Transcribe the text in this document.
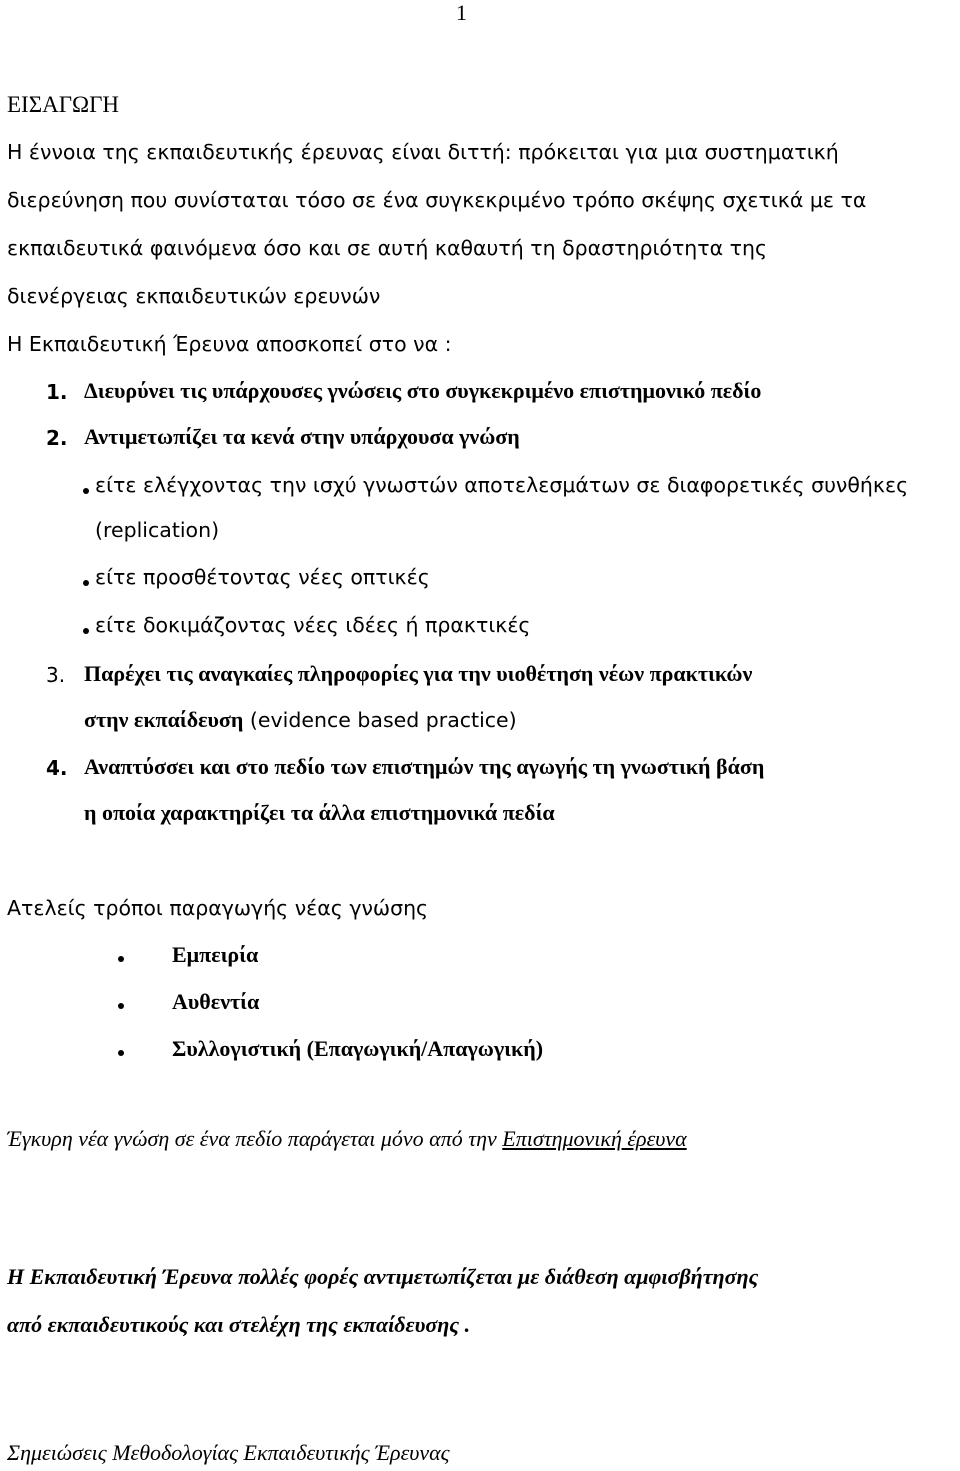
1
ΕΙΣΑΓΩΓΗ
Η έννοια της εκπαιδευτικής έρευνας είναι διττή: πρόκειται για μια συστηματική
διερεύνηση που συνίσταται τόσο σε ένα συγκεκριμένο τρόπο σκέψης σχετικά με τα
εκπαιδευτικά φαινόμενα όσο και σε αυτή καθαυτή τη δραστηριότητα της
διενέργειας εκπαιδευτικών ερευνών
Η Εκπαιδευτική Έρευνα αποσκοπεί στο να :
1. Διευρύνει τις υπάρχουσες γνώσεις στο συγκεκριμένο επιστημονικό πεδίο
2. Αντιμετωπίζει τα κενά στην υπάρχουσα γνώση
είτε ελέγχοντας την ισχύ γνωστών αποτελεσμάτων σε διαφορετικές συνθήκες
(replication)
είτε προσθέτοντας νέες οπτικές
είτε δοκιμάζοντας νέες ιδέες ή πρακτικές
3. Παρέχει τις αναγκαίες πληροφορίες για την υιοθέτηση νέων πρακτικών
στην εκπαίδευση (evidence based practice)
4. Αναπτύσσει και στο πεδίο των επιστημών της αγωγής τη γνωστική βάση
η οποία χαρακτηρίζει τα άλλα επιστημονικά πεδία
Ατελείς τρόποι παραγωγής νέας γνώσης
Εμπειρία
Αυθεντία
Συλλογιστική (Επαγωγική/Απαγωγική)
Έγκυρη νέα γνώση σε ένα πεδίο παράγεται μόνο από την Επιστημονική έρευνα
Η Εκπαιδευτική Έρευνα πολλές φορές αντιμετωπίζεται με διάθεση αμφισβήτησης
από εκπαιδευτικούς και στελέχη της εκπαίδευσης .
Σημειώσεις Μεθοδολογίας Εκπαιδευτικής Έρευνας
